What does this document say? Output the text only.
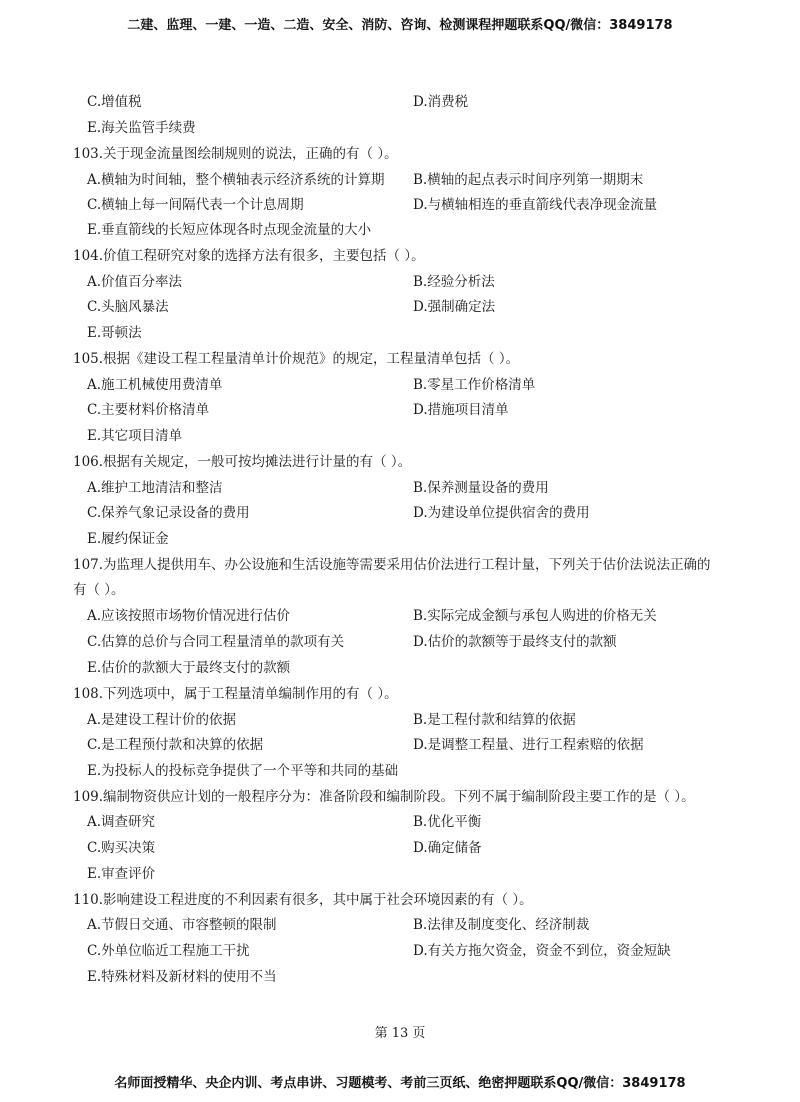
二建、监理、一建、一造、二造、安全、消防、咨询、检测课程押题联系QQ/微信：3849178
C.增值税	D.消费税
E.海关监管手续费
103.关于现金流量图绘制规则的说法，正确的有（ ）。
A.横轴为时间轴，整个横轴表示经济系统的计算期 B.横轴的起点表示时间序列第一期期末
C.横轴上每一间隔代表一个计息周期	D.与横轴相连的垂直箭线代表净现金流量
E.垂直箭线的长短应体现各时点现金流量的大小
104.价值工程研究对象的选择方法有很多，主要包括（ ）。
A.价值百分率法	B.经验分析法
C.头脑风暴法	D.强制确定法
E.哥顿法
105.根据《建设工程工程量清单计价规范》的规定，工程量清单包括（ ）。
A.施工机械使用费清单	B.零星工作价格清单
C.主要材料价格清单	D.措施项目清单
E.其它项目清单
106.根据有关规定，一般可按均摊法进行计量的有（ ）。
A.维护工地清洁和整洁	B.保养测量设备的费用
C.保养气象记录设备的费用	D.为建设单位提供宿舍的费用
E.履约保证金
107.为监理人提供用车、办公设施和生活设施等需要采用估价法进行工程计量，下列关于估价法说法正确的
有（ ）。
A.应该按照市场物价情况进行估价	B.实际完成金额与承包人购进的价格无关
C.估算的总价与合同工程量清单的款项有关	D.估价的款额等于最终支付的款额
E.估价的款额大于最终支付的款额
108.下列选项中，属于工程量清单编制作用的有（ ）。
A.是建设工程计价的依据	B.是工程付款和结算的依据
C.是工程预付款和决算的依据	D.是调整工程量、进行工程索赔的依据
E.为投标人的投标竞争提供了一个平等和共同的基础
109.编制物资供应计划的一般程序分为：准备阶段和编制阶段。下列不属于编制阶段主要工作的是（ ）。
A.调查研究	B.优化平衡
C.购买决策	D.确定储备
E.审查评价
110.影响建设工程进度的不利因素有很多，其中属于社会环境因素的有（ ）。
A.节假日交通、市容整顿的限制	B.法律及制度变化、经济制裁
C.外单位临近工程施工干扰	D.有关方拖欠资金，资金不到位，资金短缺
E.特殊材料及新材料的使用不当
第 13 页
名师面授精华、央企内训、考点串讲、习题模考、考前三页纸、绝密押题联系QQ/微信：3849178
